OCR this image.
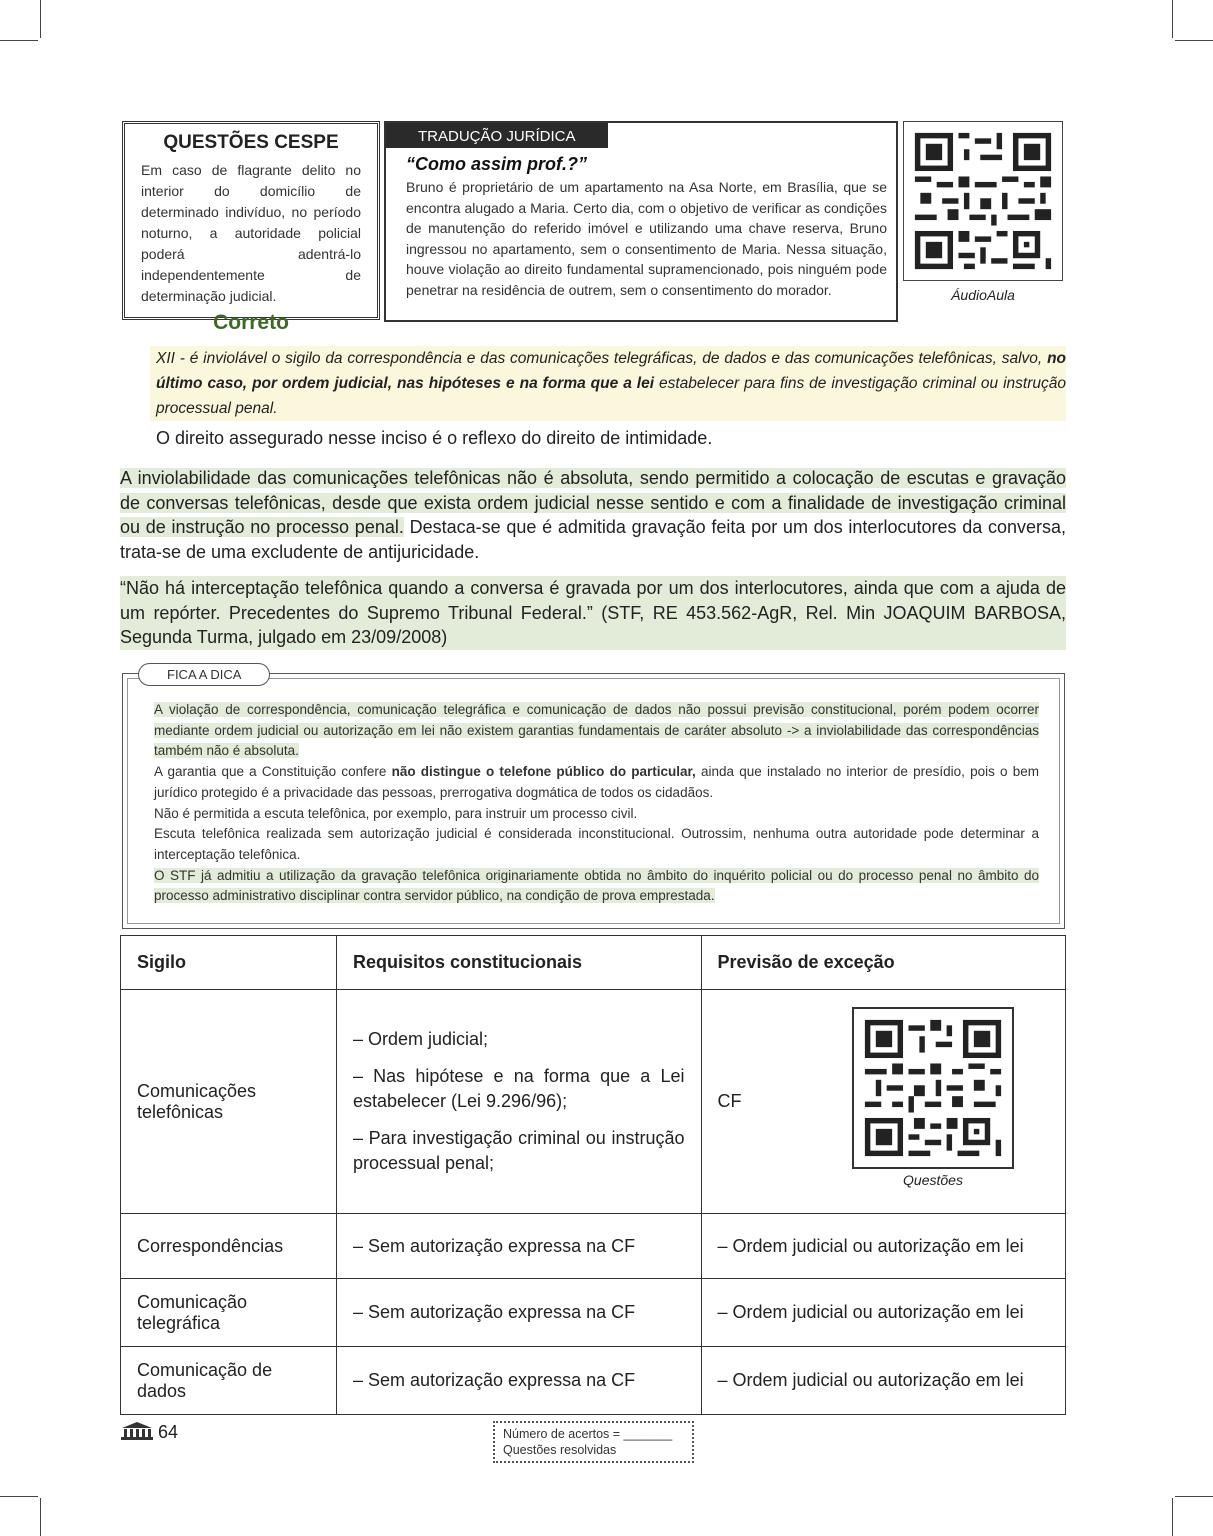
QUESTÕES CESPE

Em caso de flagrante delito no interior do domicílio de determinado indivíduo, no período noturno, a autoridade policial poderá adentrá-lo independentemente de determinação judicial.

Correto
TRADUÇÃO JURÍDICA
“Como assim prof.?”

Bruno é proprietário de um apartamento na Asa Norte, em Brasília, que se encontra alugado a Maria. Certo dia, com o objetivo de verificar as condições de manutenção do referido imóvel e utilizando uma chave reserva, Bruno ingressou no apartamento, sem o consentimento de Maria. Nessa situação, houve violação ao direito fundamental supramencionado, pois ninguém pode penetrar na residência de outrem, sem o consentimento do morador.	ÁudioAula
XII - é inviolável o sigilo da correspondência e das comunicações telegráficas, de dados e das comunicações telefônicas, salvo, no último caso, por ordem judicial, nas hipóteses e na forma que a lei estabelecer para fins de investigação criminal ou instrução processual penal.
O direito assegurado nesse inciso é o reflexo do direito de intimidade.

A inviolabilidade das comunicações telefônicas não é absoluta, sendo permitido a colocação de escutas e gravação de conversas telefônicas, desde que exista ordem judicial nesse sentido e com a finalidade de investigação criminal ou de instrução no processo penal. Destaca-se que é admitida gravação feita por um dos interlocutores da conversa, trata-se de uma excludente de antijuricidade.

“Não há interceptação telefônica quando a conversa é gravada por um dos interlocutores, ainda que com a ajuda de um repórter. Precedentes do Supremo Tribunal Federal.” (STF, RE 453.562-AgR, Rel. Min JOAQUIM BARBOSA, Segunda Turma, julgado em 23/09/2008)

FICA A DICA

A violação de correspondência, comunicação telegráfica e comunicação de dados não possui previsão constitucional, porém podem ocorrer mediante ordem judicial ou autorização em lei não existem garantias fundamentais de caráter absoluto -> a inviolabilidade das correspondências também não é absoluta.

A garantia que a Constituição confere não distingue o telefone público do particular, ainda que instalado no interior de presídio, pois o bem jurídico protegido é a privacidade das pessoas, prerrogativa dogmática de todos os cidadãos.

Não é permitida a escuta telefônica, por exemplo, para instruir um processo civil.

Escuta telefônica realizada sem autorização judicial é considerada inconstitucional. Outrossim, nenhuma outra autoridade pode determinar a interceptação telefônica.

O STF já admitiu a utilização da gravação telefônica originariamente obtida no âmbito do inquérito policial ou do processo penal no âmbito do processo administrativo disciplinar contra servidor público, na condição de prova emprestada.

Sigilo	Requisitos constitucionais	Previsão de exceção
Comunicações telefônicas	– Ordem judicial;

– Nas hipótese e na forma que a Lei estabelecer (Lei 9.296/96);

– Para investigação criminal ou instrução processual penal;	CF
Correspondências	– Sem autorização expressa na CF	– Ordem judicial ou autorização em lei
Comunicação telegráfica	– Sem autorização expressa na CF	– Ordem judicial ou autorização em lei
Comunicação de dados	– Sem autorização expressa na CF	– Ordem judicial ou autorização em lei
Questões
64	Número de acertos = _______
Questões resolvidas
